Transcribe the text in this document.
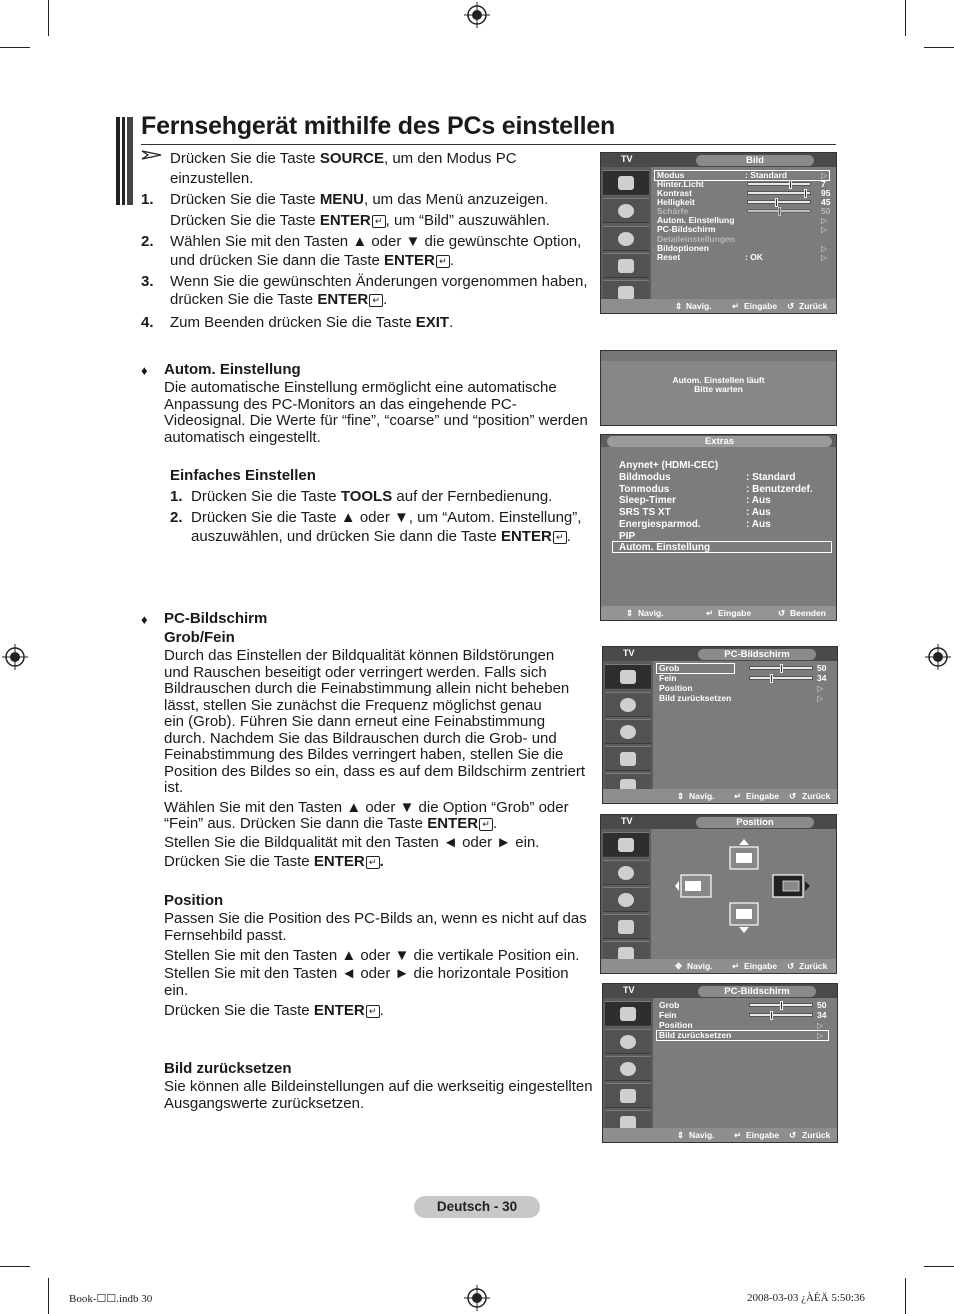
Fernsehgerät mithilfe des PCs einstellen
Drücken Sie die Taste SOURCE, um den Modus PC
einzustellen.
1. Drücken Sie die Taste MENU, um das Menü anzuzeigen.
Drücken Sie die Taste ENTER ↵ , um “Bild” auszuwählen.
2. Wählen Sie mit den Tasten ▲ oder ▼ die gewünschte Option,
und drücken Sie dann die Taste ENTER ↵ .
3. Wenn Sie die gewünschten Änderungen vorgenommen haben,
drücken Sie die Taste ENTER ↵ .
4. Zum Beenden drücken Sie die Taste EXIT.
♦ Autom. Einstellung
Die automatische Einstellung ermöglicht eine automatische
Anpassung des PC-Monitors an das eingehende PC-
Videosignal. Die Werte für “fine”, “coarse” und “position” werden
automatisch eingestellt.
Einfaches Einstellen
1. Drücken Sie die Taste TOOLS auf der Fernbedienung.
2. Drücken Sie die Taste ▲ oder ▼, um “Autom. Einstellung”,
auszuwählen, und drücken Sie dann die Taste ENTER ↵ .
♦ PC-Bildschirm
Grob/Fein
Durch das Einstellen der Bildqualität können Bildstörungen
und Rauschen beseitigt oder verringert werden. Falls sich
Bildrauschen durch die Feinabstimmung allein nicht beheben
lässt, stellen Sie zunächst die Frequenz möglichst genau
ein (Grob). Führen Sie dann erneut eine Feinabstimmung
durch. Nachdem Sie das Bildrauschen durch die Grob- und
Feinabstimmung des Bildes verringert haben, stellen Sie die
Position des Bildes so ein, dass es auf dem Bildschirm zentriert
ist.
Wählen Sie mit den Tasten ▲ oder ▼ die Option “Grob” oder
“Fein” aus. Drücken Sie dann die Taste ENTER ↵ .
Stellen Sie die Bildqualität mit den Tasten ◄ oder ► ein.
Drücken Sie die Taste ENTER ↵ .
Position
Passen Sie die Position des PC-Bilds an, wenn es nicht auf das
Fernsehbild passt.
Stellen Sie mit den Tasten ▲ oder ▼ die vertikale Position ein.
Stellen Sie mit den Tasten ◄ oder ► die horizontale Position
ein.
Drücken Sie die Taste ENTER ↵ .
Bild zurücksetzen
Sie können alle Bildeinstellungen auf die werkseitig eingestellten
Ausgangswerte zurücksetzen.
TV	Bild
Modus	: Standard	▷
Hinter.Licht	7
Kontrast	95
Helligkeit	45
Schärfe	50
Autom. Einstellung	▷
PC-Bildschirm	▷
Detaileinstellungen
Bildoptionen	▷
Reset	: OK	▷
⇕ Navig. ↵ Eingabe ↺ Zurück
Autom. Einstellen läuft
Bitte warten
Extras
Anynet+ (HDMI-CEC)
Bildmodus	: Standard
Tonmodus	: Benutzerdef.
Sleep-Timer	: Aus
SRS TS XT	: Aus
Energiesparmod.	: Aus
PIP
Autom. Einstellung
⇕ Navig.	↵ Eingabe	↺ Beenden
TV	PC-Bildschirm
Grob	50
Fein	34
Position	▷
Bild zurücksetzen	▷
⇕ Navig. ↵ Eingabe ↺ Zurück
TV	Position
✥ Navig. ↵ Eingabe ↺ Zurück
TV	PC-Bildschirm
Grob	50
Fein	34
Position	▷
Bild zurücksetzen	▷
⇕ Navig. ↵ Eingabe ↺ Zurück
Deutsch - 30
Book-☐☐.indb 30	2008-03-03 ¿ÀÈÄ 5:50:36
